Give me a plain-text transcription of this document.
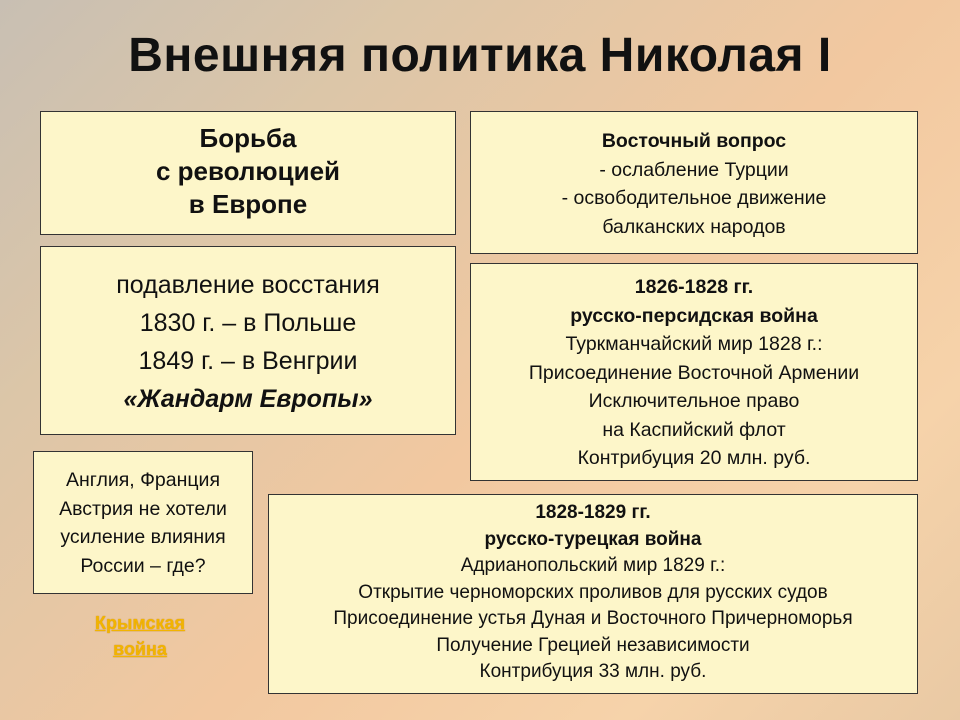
Внешняя политика Николая I
Борьба
с революцией
в Европе
Восточный вопрос
- ослабление Турции
- освободительное движение
балканских народов
подавление восстания
1830 г. – в Польше
1849 г. – в Венгрии
«Жандарм Европы»
1826-1828 гг.
русско-персидская война
Туркманчайский мир 1828 г.:
Присоединение Восточной Армении
Исключительное право
на Каспийский флот
Контрибуция 20 млн. руб.
Англия, Франция
Австрия не хотели
усиление влияния
России – где?
1828-1829 гг.
русско-турецкая война
Адрианопольский мир 1829 г.:
Открытие черноморских проливов для русских судов
Присоединение устья Дуная и Восточного Причерноморья
Получение Грецией независимости
Контрибуция 33 млн. руб.
Крымская
война
